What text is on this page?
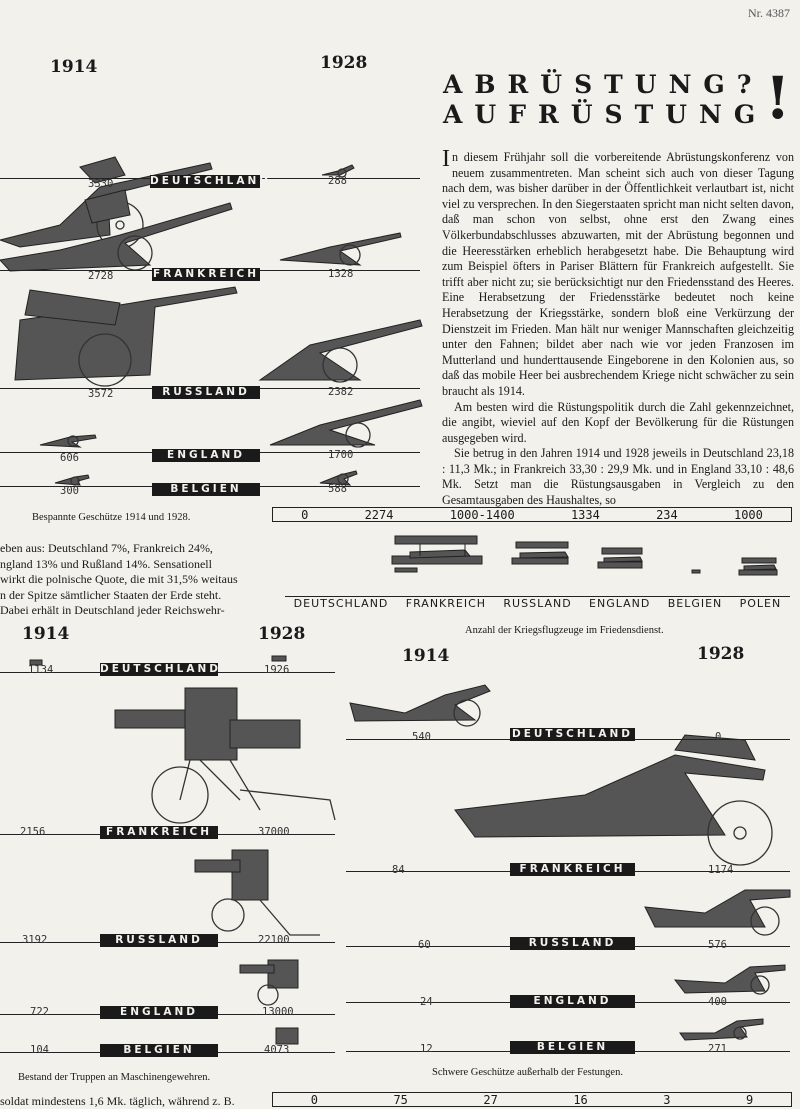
Nr. 4387
1914	1928
3330	DEUTSCHLAND	288
2728	FRANKREICH	1328
3572	RUSSLAND	2382
606	ENGLAND	1700
300	BELGIEN	588
Bespannte Geschütze 1914 und 1928.
ABRÜSTUNG?
AUFRÜSTUNG
!

In diesem Frühjahr soll die vorbereitende Abrüstungskonferenz von neuem zusammentreten. Man scheint sich auch von dieser Tagung nach dem, was bisher darüber in der Öffentlichkeit verlautbart ist, nicht viel zu versprechen. In den Siegerstaaten spricht man nicht selten davon, daß man schon von selbst, ohne erst den Zwang eines Völkerbundabschlusses abzuwarten, mit der Abrüstung begonnen und die Heeresstärken erheblich herabgesetzt habe. Die Behauptung wird zum Beispiel öfters in Pariser Blättern für Frankreich aufgestellt. Sie trifft aber nicht zu; sie berücksichtigt nur den Friedensstand des Heeres. Eine Herabsetzung der Friedensstärke bedeutet noch keine Herabsetzung der Kriegsstärke, sondern bloß eine Verkürzung der Dienstzeit im Frieden. Man hält nur weniger Mannschaften gleichzeitig unter den Fahnen; bildet aber nach wie vor jeden Franzosen im Mutterland und hunderttausende Eingeborene in den Kolonien aus, so daß das mobile Heer bei ausbrechendem Kriege nicht schwächer zu sein braucht als 1914.

Am besten wird die Rüstungspolitik durch die Zahl gekennzeichnet, die angibt, wieviel auf den Kopf der Bevölkerung für die Rüstungen ausgegeben wird.

Sie betrug in den Jahren 1914 und 1928 jeweils in Deutschland 23,18 : 11,3 Mk.; in Frankreich 33,30 : 29,9 Mk. und in England 33,10 : 48,6 Mk. Setzt man die Rüstungsausgaben in Vergleich zu den Gesamtausgaben des Haushaltes, so

eben aus: Deutschland 7%, Frankreich 24%,
ngland 13% und Rußland 14%. Sensationell
wirkt die polnische Quote, die mit 31,5% weitaus
n der Spitze sämtlicher Staaten der Erde steht.
Dabei erhält in Deutschland jeder Reichswehr-
0	2274	1000-1400	1334	234	1000
DEUTSCHLAND FRANKREICH RUSSLAND ENGLAND BELGIEN POLEN
Anzahl der Kriegsflugzeuge im Friedensdienst.
1914	1928
1134	DEUTSCHLAND	1926
2156	FRANKREICH	37000
3192	RUSSLAND	22100
722	ENGLAND	13000
104	BELGIEN	4073
Bestand der Truppen an Maschinengewehren.
soldat mindestens 1,6 Mk. täglich, während z. B.
1914	1928
540	DEUTSCHLAND	0
84	FRANKREICH	1174
60	RUSSLAND	576
24	ENGLAND	400
12	BELGIEN	271
Schwere Geschütze außerhalb der Festungen.
0	75	27	16	3	9
